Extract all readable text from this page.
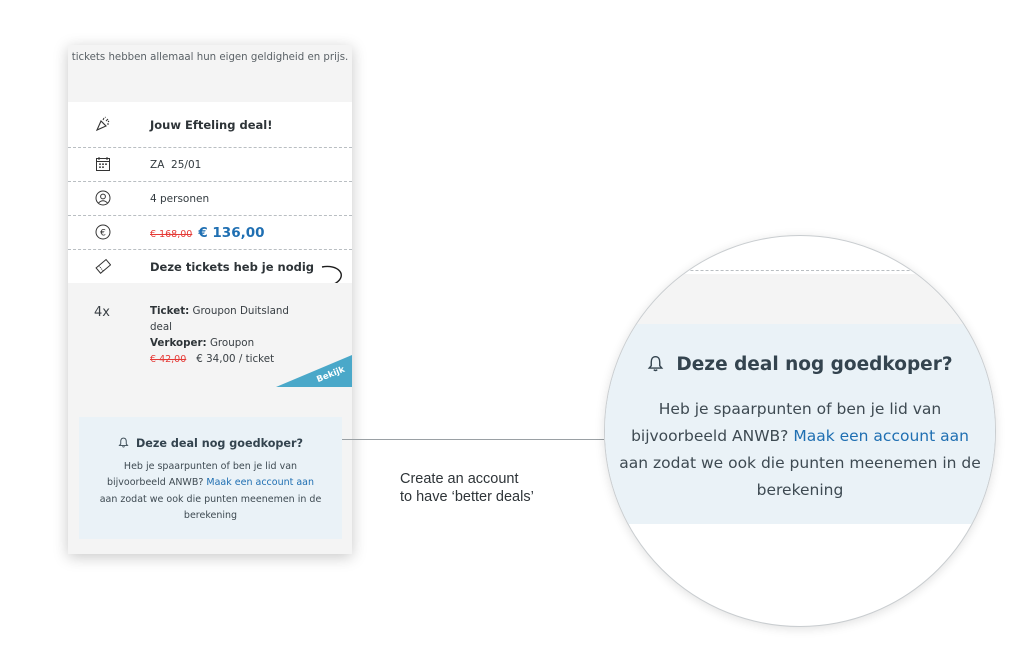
tickets hebben allemaal hun eigen geldigheid en prijs.
Jouw Efteling deal!
ZA  25/01
4 personen
€	€ 168,00 € 136,00
Deze tickets heb je nodig
4x	Ticket: Groupon Duitsland
deal
Verkoper: Groupon
€ 42,00 € 34,00 / ticket
Bekijk
Deze deal nog goedkoper?
Heb je spaarpunten of ben je lid van
bijvoorbeeld ANWB? Maak een account aan
aan zodat we ook die punten meenemen in de
berekening
Create an account
to have ‘better deals’
Deze deal nog goedkoper?
Heb je spaarpunten of ben je lid van
bijvoorbeeld ANWB? Maak een account aan
aan zodat we ook die punten meenemen in de
berekening
